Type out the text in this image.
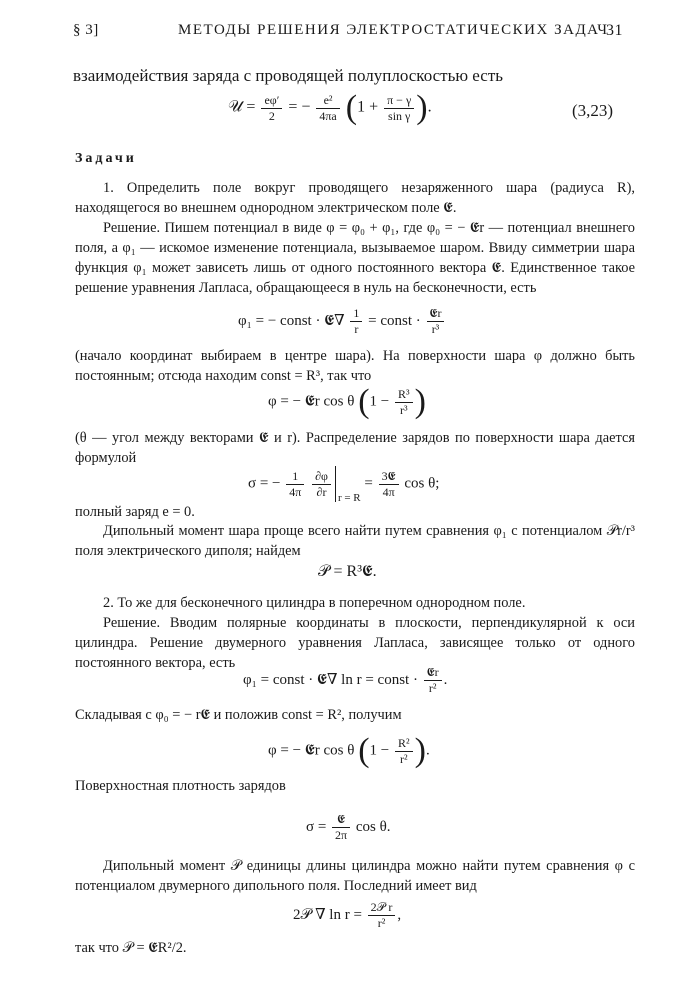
§ 3]	МЕТОДЫ РЕШЕНИЯ ЭЛЕКТРОСТАТИЧЕСКИХ ЗАДАЧ
31
взаимодействия заряда с проводящей полуплоскостью есть
𝒰 = $\frac{e\varphi'}{2}$ = − $\frac{\text{e²}}{4\pi a} (1 + \frac{\pi - \gamma}{\text{sin γ}}$ ).	(3,23)
Задачи
1. Определить поле вокруг проводящего незаряженного шара (радиуса R), находящегося во внешнем однородном электрическом поле 𝕰.
Решение. Пишем потенциал в виде φ = φ₀ + φ₁, где φ₀ = − 𝕰r — потенциал внешнего поля, а φ₁ — искомое изменение потенциала, вызываемое шаром. Ввиду симметрии шара функция φ₁ может зависеть лишь от одного постоянного вектора 𝕰. Единственное такое решение уравнения Лапласа, обращающееся в нуль на бесконечности, есть
φ₁ = − const · 𝕰∇ $\frac{1}{r}$ = const · $\frac{\text{𝕰r}}{\text{r³}}$
(начало координат выбираем в центре шара). На поверхности шара φ должно быть постоянным; отсюда находим const = R³, так что
φ = − 𝕰r cos θ ($1 - \frac{\text{R³}}{\text{r³}}$ )
(θ — угол между векторами 𝕰 и r). Распределение зарядов по поверхности шара дается формулой
σ = − $\frac{1}{4\pi}$
$\frac{\partial\varphi}{\partial r}$ $r = R = \frac{\text{3𝕰}}{4\pi}$ cos θ;
полный заряд e = 0.
Дипольный момент шара проще всего найти путем сравнения φ₁ с потенциалом 𝒫r/r³ поля электрического диполя; найдем
𝒫 = R³𝕰.
2. То же для бесконечного цилиндра в поперечном однородном поле.
Решение. Вводим полярные координаты в плоскости, перпендикулярной к оси цилиндра. Решение двумерного уравнения Лапласа, зависящее только от одного постоянного вектора, есть
φ₁ = const · 𝕰∇ ln r = const · $\frac{\text{𝕰r}}{\text{r²}}$ .
Складывая с φ₀ = − r𝕰 и положив const = R², получим
φ = − 𝕰r cos θ ($1 - \frac{\text{R²}}{\text{r²}}$ ).
Поверхностная плотность зарядов
$\sigma = \frac{\text{𝕰}}{2\pi}$ cos θ.
Дипольный момент 𝒫 единицы длины цилиндра можно найти путем сравнения φ с потенциалом двумерного дипольного поля. Последний имеет вид
2𝒫 ∇ $\ln r = \frac{\text{2𝒫 r}}{\text{r²}}$ ,
так что 𝒫 = 𝕰R²/2.
